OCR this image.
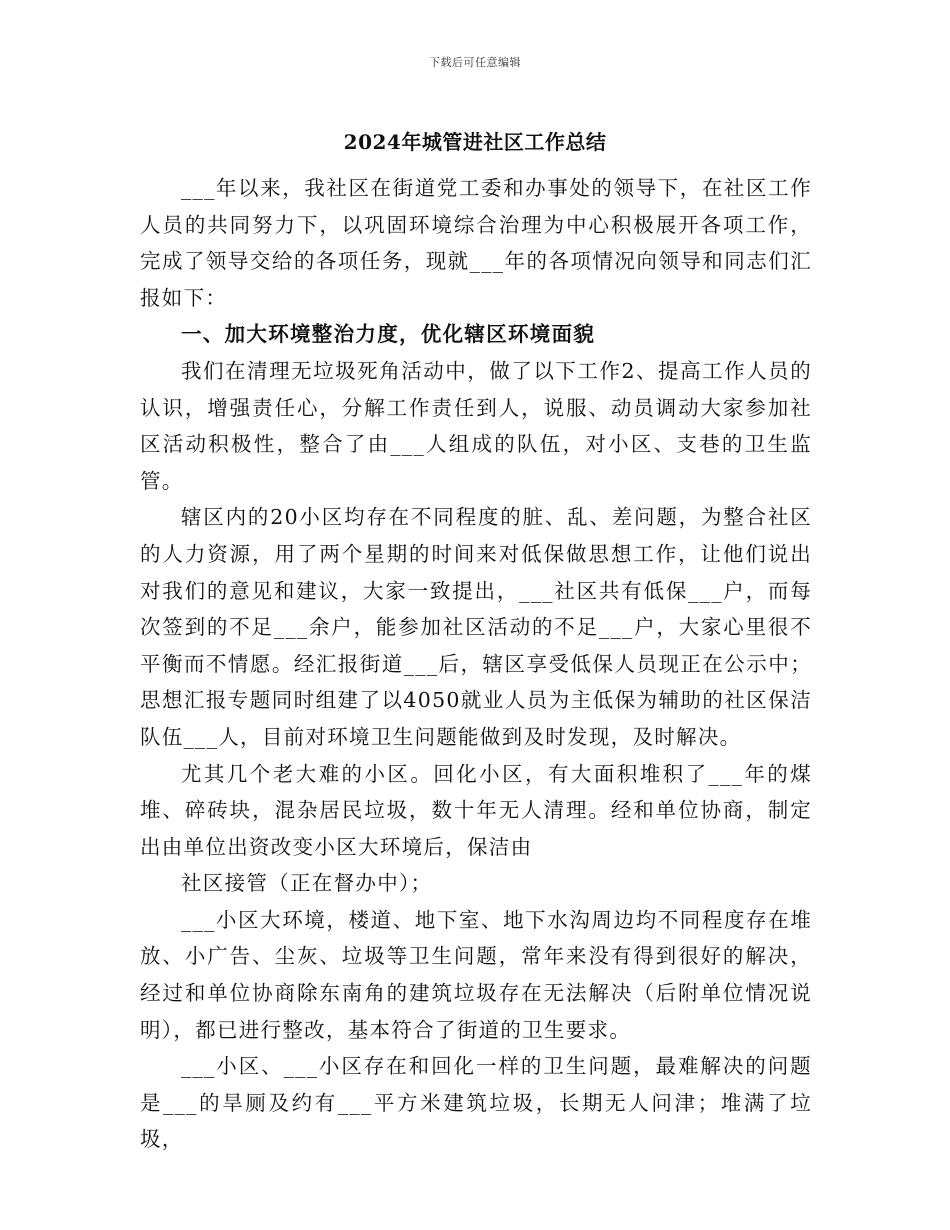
下载后可任意编辑
2024年城管进社区工作总结

___年以来，我社区在街道党工委和办事处的领导下，在社区工作人员的共同努力下，以巩固环境综合治理为中心积极展开各项工作，完成了领导交给的各项任务，现就___年的各项情况向领导和同志们汇报如下：

一、加大环境整治力度，优化辖区环境面貌

我们在清理无垃圾死角活动中，做了以下工作2、提高工作人员的认识，增强责任心，分解工作责任到人，说服、动员调动大家参加社区活动积极性，整合了由___人组成的队伍，对小区、支巷的卫生监管。

辖区内的20小区均存在不同程度的脏、乱、差问题，为整合社区的人力资源，用了两个星期的时间来对低保做思想工作，让他们说出对我们的意见和建议，大家一致提出，___社区共有低保___户，而每次签到的不足___余户，能参加社区活动的不足___户，大家心里很不平衡而不情愿。经汇报街道___后，辖区享受低保人员现正在公示中；思想汇报专题同时组建了以4050就业人员为主低保为辅助的社区保洁队伍___人，目前对环境卫生问题能做到及时发现，及时解决。

尤其几个老大难的小区。回化小区，有大面积堆积了___年的煤堆、碎砖块，混杂居民垃圾，数十年无人清理。经和单位协商，制定出由单位出资改变小区大环境后，保洁由

社区接管（正在督办中）；

___小区大环境，楼道、地下室、地下水沟周边均不同程度存在堆放、小广告、尘灰、垃圾等卫生问题，常年来没有得到很好的解决，经过和单位协商除东南角的建筑垃圾存在无法解决（后附单位情况说明），都已进行整改，基本符合了街道的卫生要求。

___小区、___小区存在和回化一样的卫生问题，最难解决的问题是___的旱厕及约有___平方米建筑垃圾，长期无人问津；堆满了垃圾，
